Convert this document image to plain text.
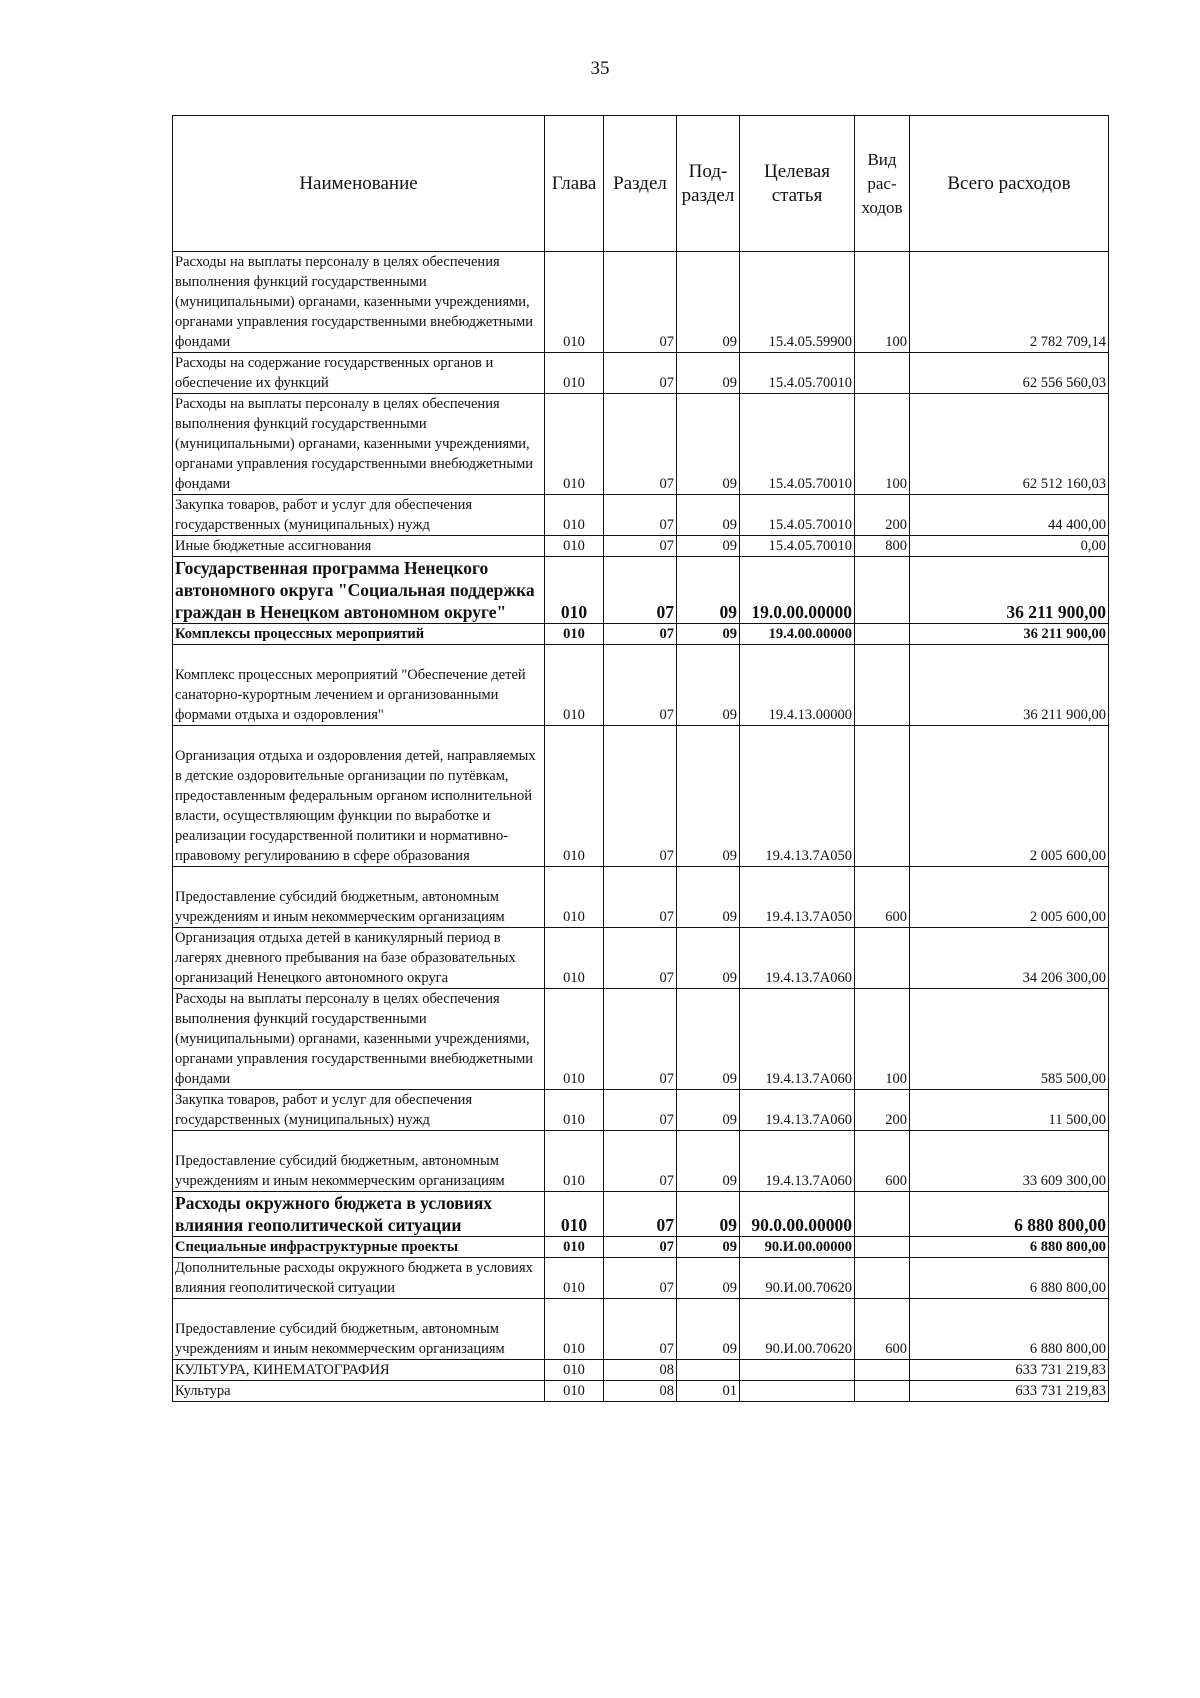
35
Наименование	Глава	Раздел	Под-раздел	Целевая статья	Вид рас-ходов	Всего расходов
Расходы на выплаты персоналу в целях обеспечения выполнения функций государственными (муниципальными) органами, казенными учреждениями, органами управления государственными внебюджетными фондами	010	07	09	15.4.05.59900	100	2 782 709,14
Расходы на содержание государственных органов и обеспечение их функций	010	07	09	15.4.05.70010		62 556 560,03
Расходы на выплаты персоналу в целях обеспечения выполнения функций государственными (муниципальными) органами, казенными учреждениями, органами управления государственными внебюджетными фондами	010	07	09	15.4.05.70010	100	62 512 160,03
Закупка товаров, работ и услуг для обеспечения государственных (муниципальных) нужд	010	07	09	15.4.05.70010	200	44 400,00
Иные бюджетные ассигнования	010	07	09	15.4.05.70010	800	0,00
Государственная программа Ненецкого автономного округа "Социальная поддержка граждан в Ненецком автономном округе"	010	07	09	19.0.00.00000		36 211 900,00
Комплексы процессных мероприятий	010	07	09	19.4.00.00000		36 211 900,00
Комплекс процессных мероприятий "Обеспечение детей санаторно-курортным лечением и организованными формами отдыха и оздоровления"	010	07	09	19.4.13.00000		36 211 900,00
Организация отдыха и оздоровления детей, направляемых в детские оздоровительные организации по путёвкам, предоставленным федеральным органом исполнительной власти, осуществляющим функции по выработке и реализации государственной политики и нормативно-правовому регулированию в сфере образования	010	07	09	19.4.13.7А050		2 005 600,00
Предоставление субсидий бюджетным, автономным учреждениям и иным некоммерческим организациям	010	07	09	19.4.13.7А050	600	2 005 600,00
Организация отдыха детей в каникулярный период в лагерях дневного пребывания на базе образовательных организаций Ненецкого автономного округа	010	07	09	19.4.13.7А060		34 206 300,00
Расходы на выплаты персоналу в целях обеспечения выполнения функций государственными (муниципальными) органами, казенными учреждениями, органами управления государственными внебюджетными фондами	010	07	09	19.4.13.7А060	100	585 500,00
Закупка товаров, работ и услуг для обеспечения государственных (муниципальных) нужд	010	07	09	19.4.13.7А060	200	11 500,00
Предоставление субсидий бюджетным, автономным учреждениям и иным некоммерческим организациям	010	07	09	19.4.13.7А060	600	33 609 300,00
Расходы окружного бюджета в условиях влияния геополитической ситуации	010	07	09	90.0.00.00000		6 880 800,00
Специальные инфраструктурные проекты	010	07	09	90.И.00.00000		6 880 800,00
Дополнительные расходы окружного бюджета в условиях влияния геополитической ситуации	010	07	09	90.И.00.70620		6 880 800,00
Предоставление субсидий бюджетным, автономным учреждениям и иным некоммерческим организациям	010	07	09	90.И.00.70620	600	6 880 800,00
КУЛЬТУРА, КИНЕМАТОГРАФИЯ	010	08				633 731 219,83
Культура	010	08	01			633 731 219,83
